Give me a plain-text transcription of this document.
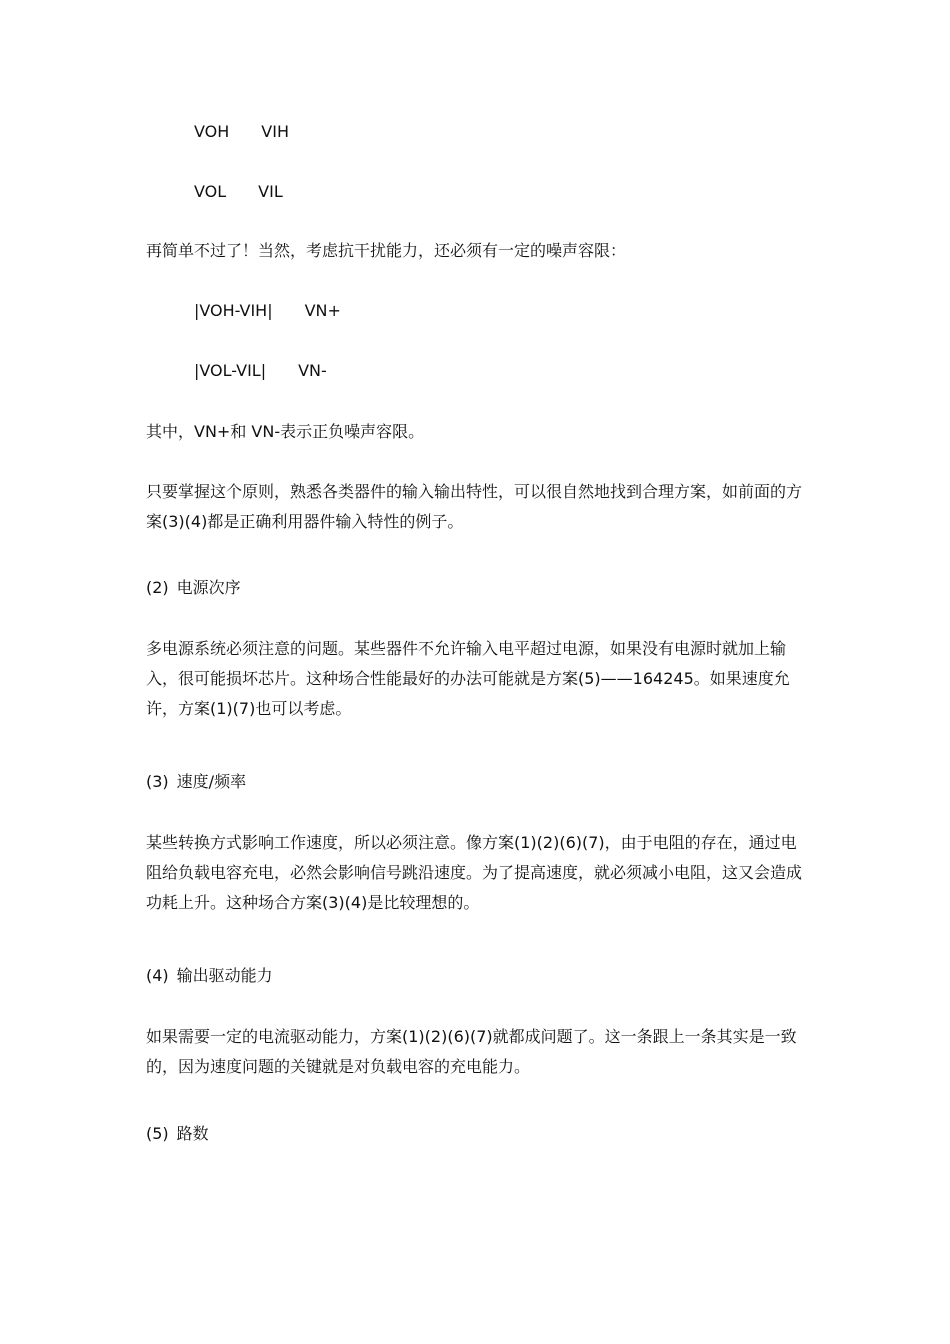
VOH VIH
VOL VIL
再简单不过了！当然，考虑抗干扰能力，还必须有一定的噪声容限：
|VOH-VIH| VN+
|VOL-VIL| VN-
其中，VN+和 VN-表示正负噪声容限。
只要掌握这个原则，熟悉各类器件的输入输出特性，可以很自然地找到合理方案，如前面的方案(3)(4)都是正确利用器件输入特性的例子。
(2) 电源次序
多电源系统必须注意的问题。某些器件不允许输入电平超过电源，如果没有电源时就加上输入，很可能损坏芯片。这种场合性能最好的办法可能就是方案(5)——164245。如果速度允许，方案(1)(7)也可以考虑。
(3) 速度/频率
某些转换方式影响工作速度，所以必须注意。像方案(1)(2)(6)(7)，由于电阻的存在，通过电阻给负载电容充电，必然会影响信号跳沿速度。为了提高速度，就必须减小电阻，这又会造成功耗上升。这种场合方案(3)(4)是比较理想的。
(4) 输出驱动能力
如果需要一定的电流驱动能力，方案(1)(2)(6)(7)就都成问题了。这一条跟上一条其实是一致的，因为速度问题的关键就是对负载电容的充电能力。
(5) 路数
